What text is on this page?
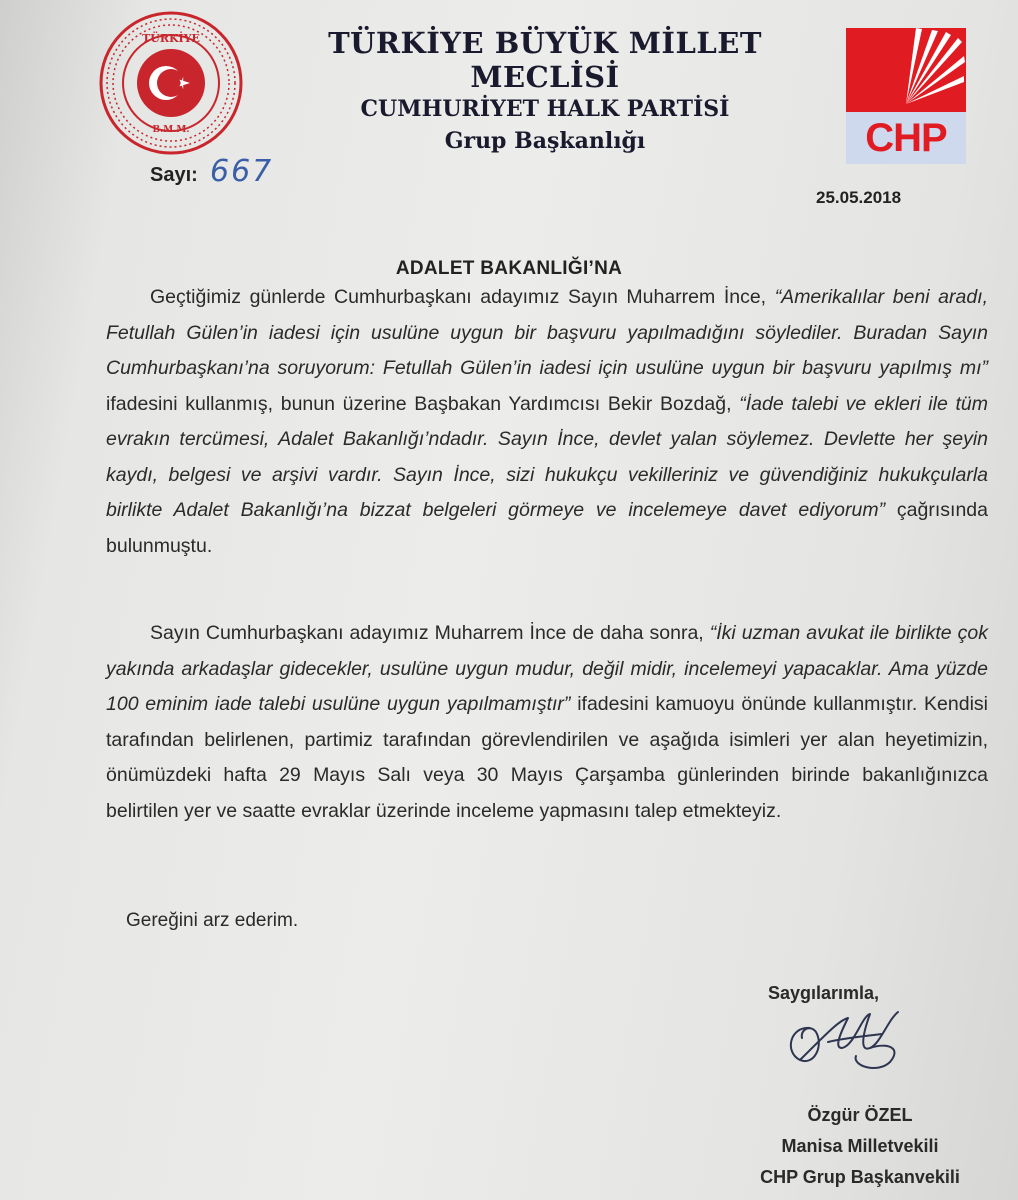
TÜRKİYE
B.M.M.
TÜRKİYE BÜYÜK MİLLET MECLİSİ
CUMHURİYET HALK PARTİSİ
Grup Başkanlığı	CHP
Sayı: 667
25.05.2018
ADALET BAKANLIĞI’NA
Geçtiğimiz günlerde Cumhurbaşkanı adayımız Sayın Muharrem İnce, “Amerikalılar beni aradı, Fetullah Gülen’in iadesi için usulüne uygun bir başvuru yapılmadığını söylediler. Buradan Sayın Cumhurbaşkanı’na soruyorum: Fetullah Gülen’in iadesi için usulüne uygun bir başvuru yapılmış mı” ifadesini kullanmış, bunun üzerine Başbakan Yardımcısı Bekir Bozdağ, “İade talebi ve ekleri ile tüm evrakın tercümesi, Adalet Bakanlığı’ndadır. Sayın İnce, devlet yalan söylemez. Devlette her şeyin kaydı, belgesi ve arşivi vardır. Sayın İnce, sizi hukukçu vekilleriniz ve güvendiğiniz hukukçularla birlikte Adalet Bakanlığı’na bizzat belgeleri görmeye ve incelemeye davet ediyorum” çağrısında bulunmuştu.
Sayın Cumhurbaşkanı adayımız Muharrem İnce de daha sonra, “İki uzman avukat ile birlikte çok yakında arkadaşlar gidecekler, usulüne uygun mudur, değil midir, incelemeyi yapacaklar. Ama yüzde 100 eminim iade talebi usulüne uygun yapılmamıştır” ifadesini kamuoyu önünde kullanmıştır. Kendisi tarafından belirlenen, partimiz tarafından görevlendirilen ve aşağıda isimleri yer alan heyetimizin, önümüzdeki hafta 29 Mayıs Salı veya 30 Mayıs Çarşamba günlerinden birinde bakanlığınızca belirtilen yer ve saatte evraklar üzerinde inceleme yapmasını talep etmekteyiz.
Gereğini arz ederim.
Saygılarımla,
Özgür ÖZEL
Manisa Milletvekili
CHP Grup Başkanvekili
